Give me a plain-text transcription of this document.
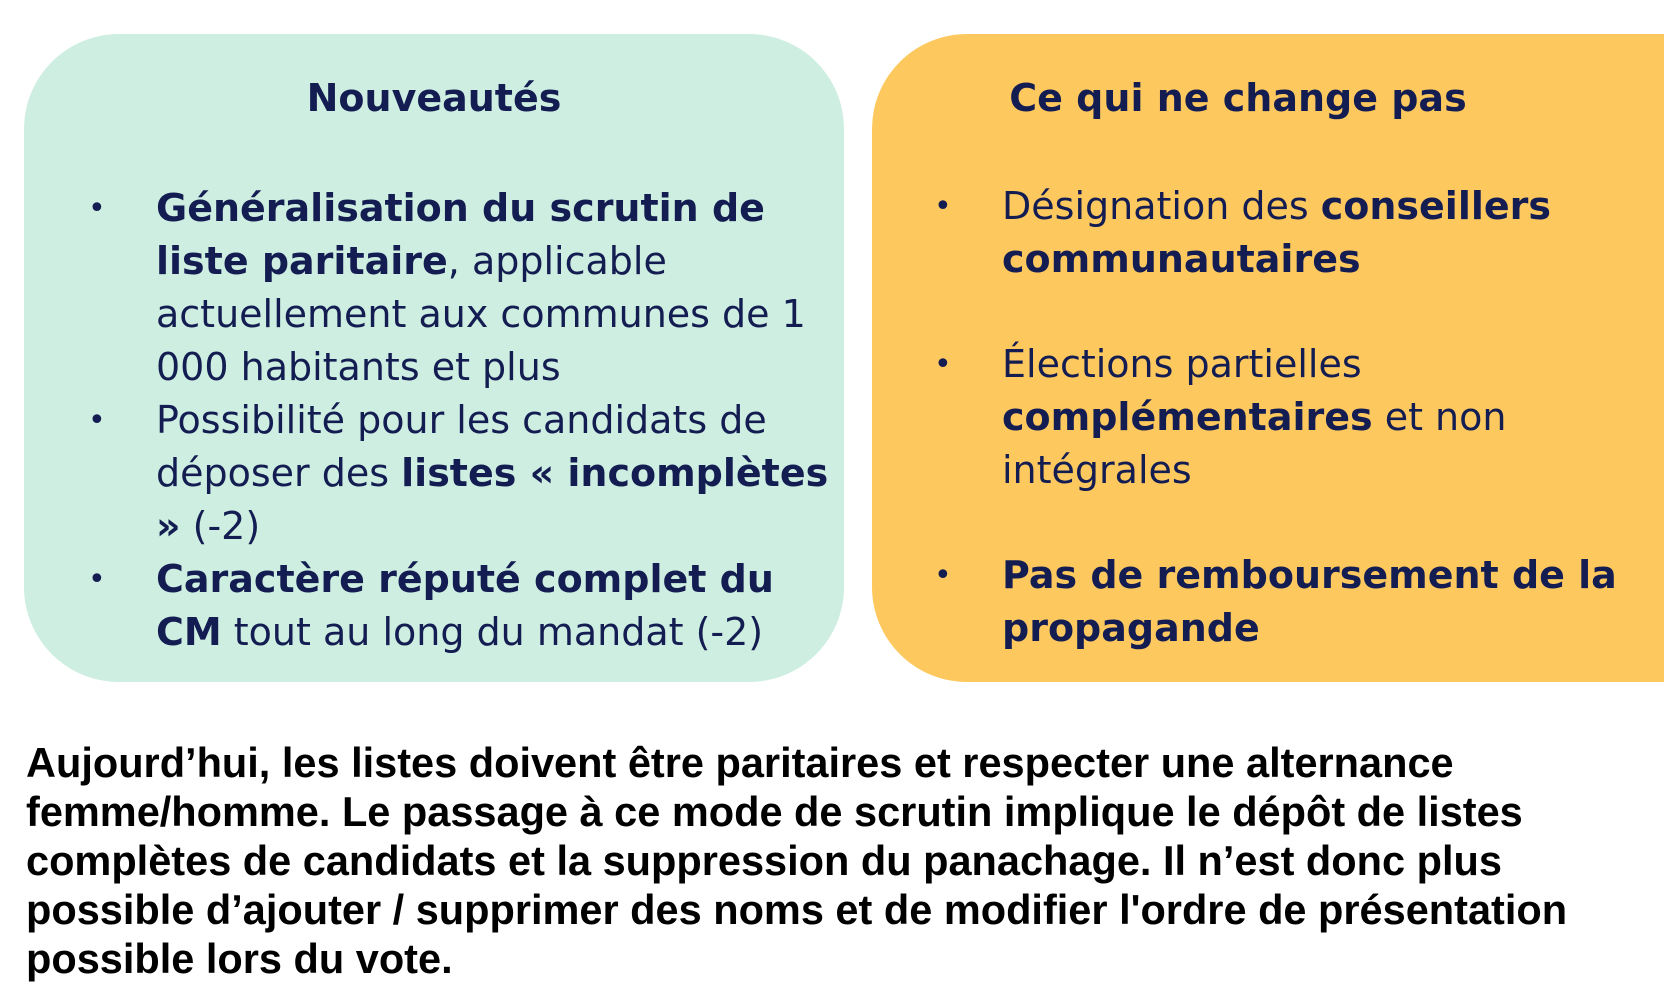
Nouveautés
• Généralisation du scrutin de liste paritaire, applicable actuellement aux communes de 1 000 habitants et plus
• Possibilité pour les candidats de déposer des listes « incomplètes » (-2)
• Caractère réputé complet du CM tout au long du mandat (-2)
Ce qui ne change pas
• Désignation des conseillers communautaires
• Élections partielles complémentaires et non intégrales
• Pas de remboursement de la propagande

Aujourd’hui, les listes doivent être paritaires et respecter une alternance femme/homme. Le passage à ce mode de scrutin implique le dépôt de listes complètes de candidats et la suppression du panachage. Il n’est donc plus possible d’ajouter / supprimer des noms et de modifier l'ordre de présentation possible lors du vote.
